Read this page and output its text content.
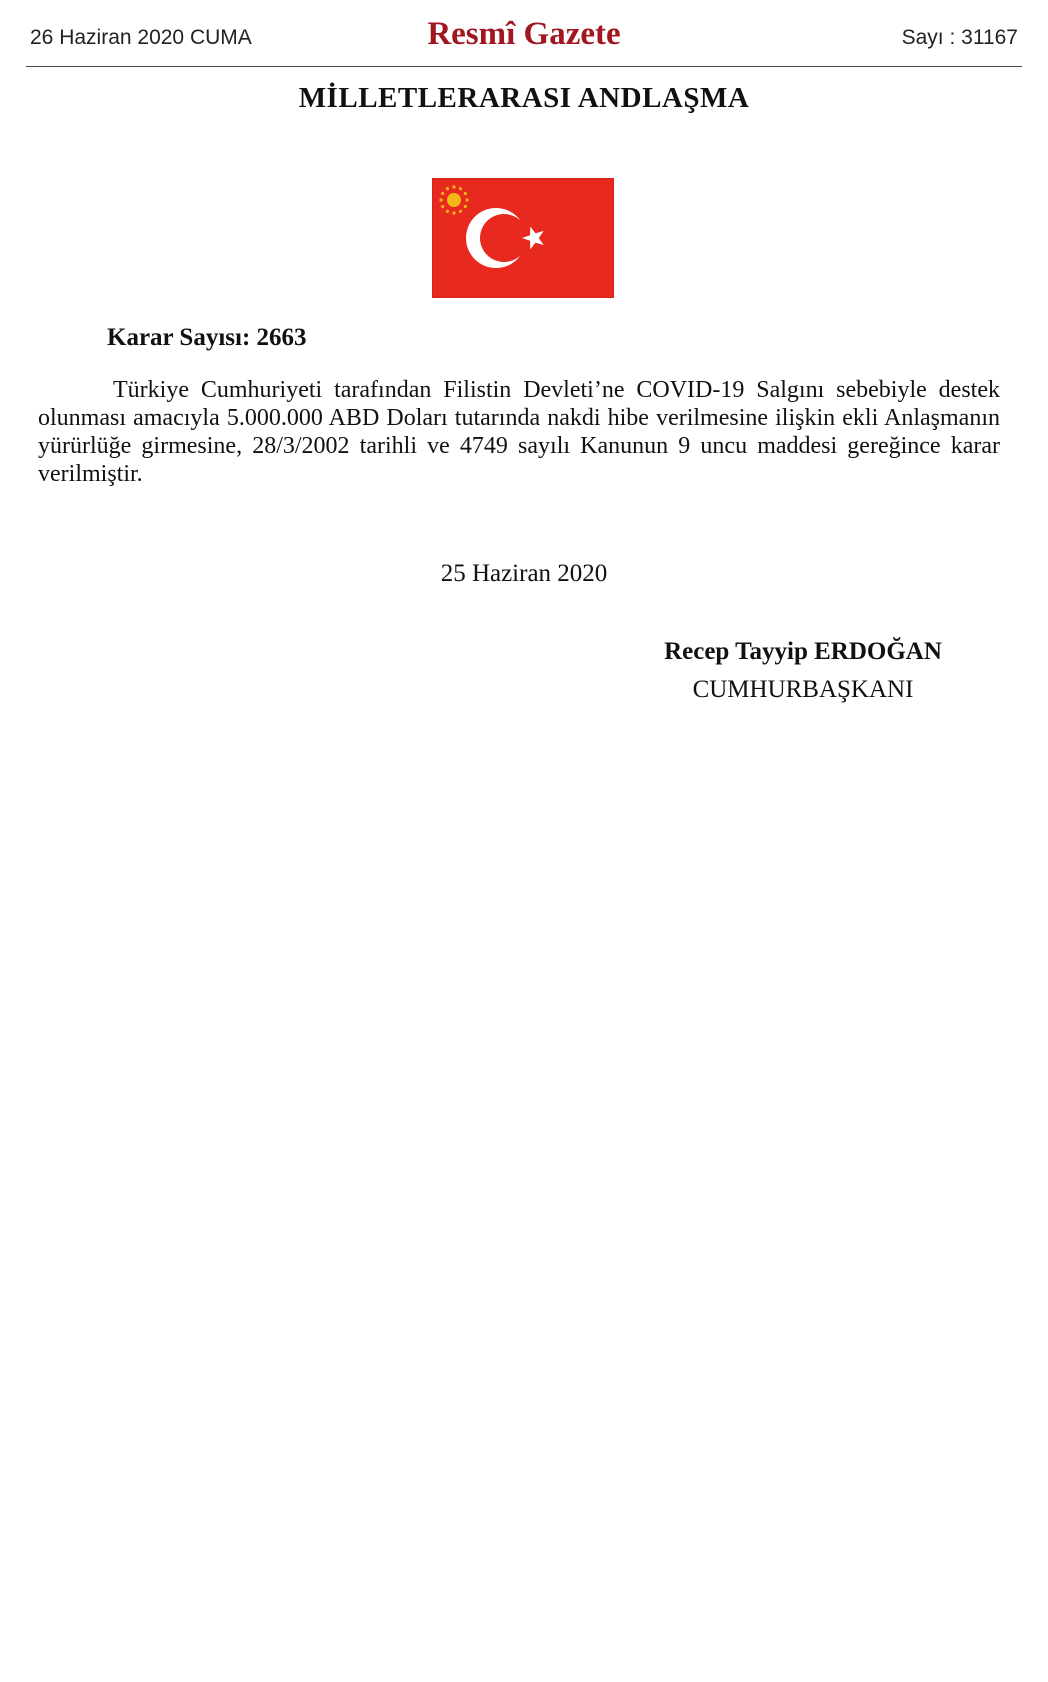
26 Haziran 2020 CUMA	Resmî Gazete	Sayı : 31167
MİLLETLERARASI ANDLAŞMA
Karar Sayısı: 2663
Türkiye Cumhuriyeti tarafından Filistin Devleti’ne COVID-19 Salgını sebebiyle destek olunması amacıyla 5.000.000 ABD Doları tutarında nakdi hibe verilmesine ilişkin ekli Anlaşmanın yürürlüğe girmesine, 28/3/2002 tarihli ve 4749 sayılı Kanunun 9 uncu maddesi gereğince karar verilmiştir.
25 Haziran 2020
Recep Tayyip ERDOĞAN
CUMHURBAŞKANI
